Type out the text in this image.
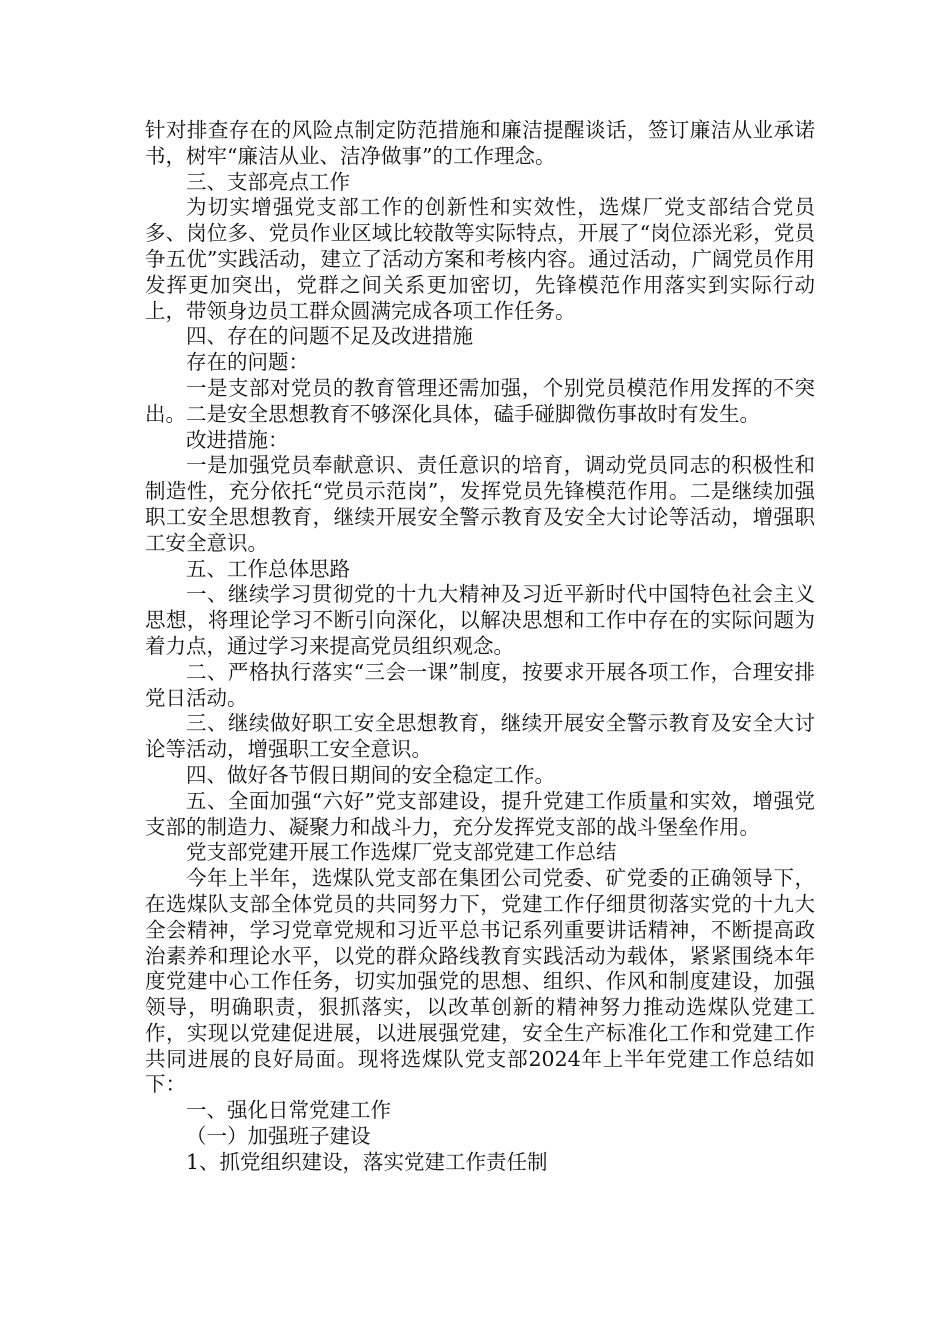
针对排查存在的风险点制定防范措施和廉洁提醒谈话，签订廉洁从业承诺书，树牢“廉洁从业、洁净做事”的工作理念。

三、支部亮点工作

为切实增强党支部工作的创新性和实效性，选煤厂党支部结合党员多、岗位多、党员作业区域比较散等实际特点，开展了“岗位添光彩，党员争五优”实践活动，建立了活动方案和考核内容。通过活动，广阔党员作用发挥更加突出，党群之间关系更加密切，先锋模范作用落实到实际行动上，带领身边员工群众圆满完成各项工作任务。

四、存在的问题不足及改进措施

存在的问题：

一是支部对党员的教育管理还需加强，个别党员模范作用发挥的不突出。二是安全思想教育不够深化具体，磕手碰脚微伤事故时有发生。

改进措施：

一是加强党员奉献意识、责任意识的培育，调动党员同志的积极性和制造性，充分依托“党员示范岗”，发挥党员先锋模范作用。二是继续加强职工安全思想教育，继续开展安全警示教育及安全大讨论等活动，增强职工安全意识。

五、工作总体思路

一、继续学习贯彻党的十九大精神及习近平新时代中国特色社会主义思想，将理论学习不断引向深化，以解决思想和工作中存在的实际问题为着力点，通过学习来提高党员组织观念。

二、严格执行落实“三会一课”制度，按要求开展各项工作，合理安排党日活动。

三、继续做好职工安全思想教育，继续开展安全警示教育及安全大讨论等活动，增强职工安全意识。

四、做好各节假日期间的安全稳定工作。

五、全面加强“六好”党支部建设，提升党建工作质量和实效，增强党支部的制造力、凝聚力和战斗力，充分发挥党支部的战斗堡垒作用。

党支部党建开展工作选煤厂党支部党建工作总结

今年上半年，选煤队党支部在集团公司党委、矿党委的正确领导下，在选煤队支部全体党员的共同努力下，党建工作仔细贯彻落实党的十九大全会精神，学习党章党规和习近平总书记系列重要讲话精神，不断提高政治素养和理论水平，以党的群众路线教育实践活动为载体，紧紧围绕本年度党建中心工作任务，切实加强党的思想、组织、作风和制度建设，加强领导，明确职责，狠抓落实，以改革创新的精神努力推动选煤队党建工作，实现以党建促进展，以进展强党建，安全生产标准化工作和党建工作共同进展的良好局面。现将选煤队党支部2024年上半年党建工作总结如下：

一、强化日常党建工作

（一）加强班子建设

1、抓党组织建设，落实党建工作责任制
